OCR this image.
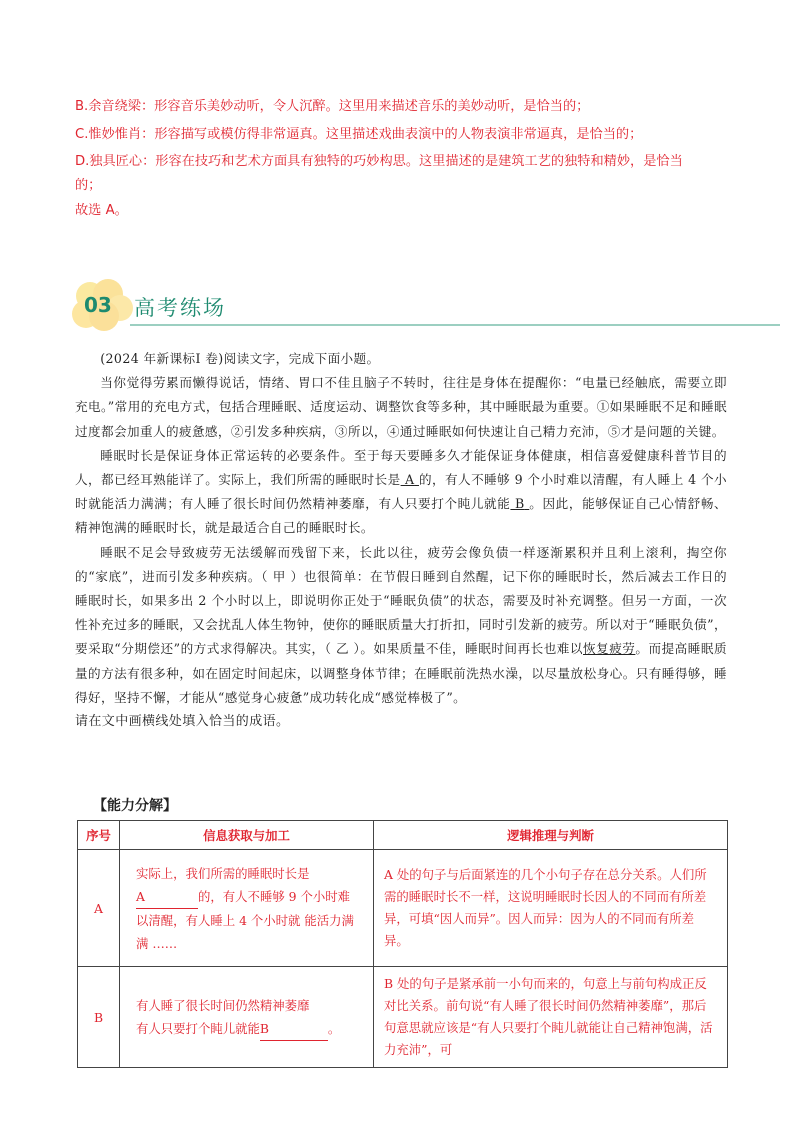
B.余音绕梁：形容音乐美妙动听，令人沉醉。这里用来描述音乐的美妙动听，是恰当的；
C.惟妙惟肖：形容描写或模仿得非常逼真。这里描述戏曲表演中的人物表演非常逼真，是恰当的；
D.独具匠心：形容在技巧和艺术方面具有独特的巧妙构思。这里描述的是建筑工艺的独特和精妙，是恰当
的；
故选 A。
03 高考练场

(2024 年新课标Ⅰ 卷)阅读文字，完成下面小题。

当你觉得劳累而懒得说话，情绪、胃口不佳且脑子不转时，往往是身体在提醒你：“电量已经触底，需要立即充电。”常用的充电方式，包括合理睡眠、适度运动、调整饮食等多种，其中睡眠最为重要。①如果睡眠不足和睡眠过度都会加重人的疲惫感，②引发多种疾病，③所以，④通过睡眠如何快速让自己精力充沛，⑤才是问题的关键。

睡眠时长是保证身体正常运转的必要条件。至于每天要睡多久才能保证身体健康，相信喜爱健康科普节目的人，都已经耳熟能详了。实际上，我们所需的睡眠时长是 A 的，有人不睡够 9 个小时难以清醒，有人睡上 4 个小时就能活力满满；有人睡了很长时间仍然精神萎靡，有人只要打个盹儿就能 B 。因此，能够保证自己心情舒畅、精神饱满的睡眠时长，就是最适合自己的睡眠时长。

睡眠不足会导致疲劳无法缓解而残留下来，长此以往，疲劳会像负债一样逐渐累积并且利上滚利，掏空你的“家底”，进而引发多种疾病。（ 甲 ）也很简单：在节假日睡到自然醒，记下你的睡眠时长，然后减去工作日的睡眠时长，如果多出 2 个小时以上，即说明你正处于“睡眠负债”的状态，需要及时补充调整。但另一方面，一次性补充过多的睡眠，又会扰乱人体生物钟，使你的睡眠质量大打折扣，同时引发新的疲劳。所以对于“睡眠负债”，要采取“分期偿还”的方式求得解决。其实，（ 乙 ）。如果质量不佳，睡眠时间再长也难以恢复疲劳。而提高睡眠质量的方法有很多种，如在固定时间起床，以调整身体节律；在睡眠前洗热水澡，以尽量放松身心。只有睡得够，睡得好，坚持不懈，才能从“感觉身心疲惫”成功转化成“感觉棒极了”。

请在文中画横线处填入恰当的成语。

【能力分解】
序号	信息获取与加工	逻辑推理与判断
A	实际上，我们所需的睡眠时长是A 的，有人不睡够 9 个小时难以清醒，有人睡上 4 个小时就 能活力满满 ……	A 处的句子与后面紧连的几个小句子存在总分关系。人们所需的睡眠时长不一样，这说明睡眠时长因人的不同而有所差异，可填“因人而异”。因人而异：因为人的不同而有所差异。
B	有人睡了很长时间仍然精神萎靡
有人只要打个盹儿就能B 。	B 处的句子是紧承前一小句而来的，句意上与前句构成正反对比关系。前句说“有人睡了很长时间仍然精神萎靡”，那后句意思就应该是“有人只要打个盹儿就能让自己精神饱满，活力充沛”，可
